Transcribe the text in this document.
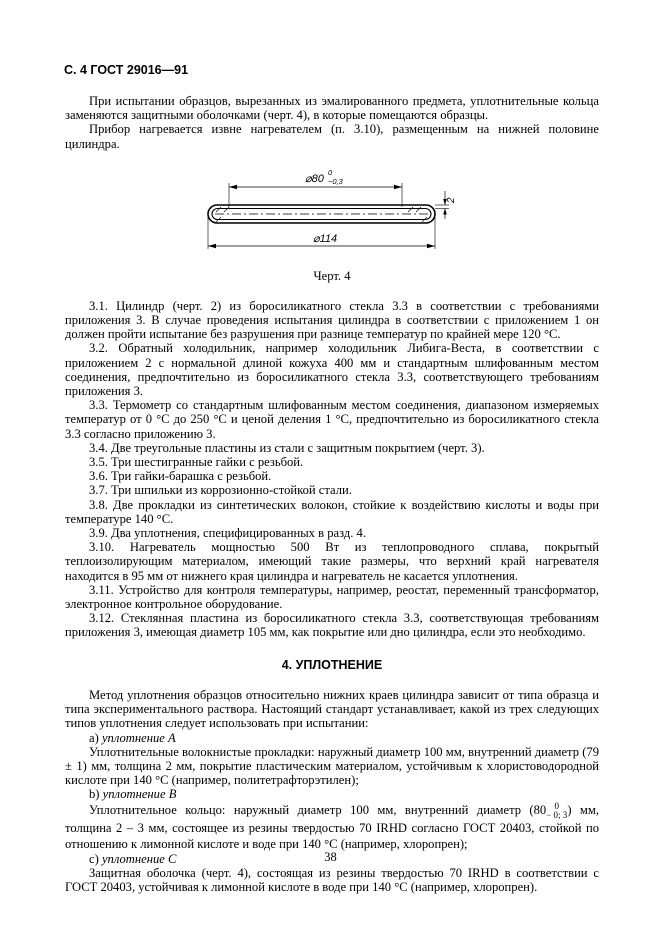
С. 4 ГОСТ 29016—91

При испытании образцов, вырезанных из эмалированного предмета, уплотнительные кольца заменяются защитными оболочками (черт. 4), в которые помещаются образцы.

Прибор нагревается извне нагревателем (п. 3.10), размещенным на нижней половине цилиндра.

⌀80
0
−0,3
⌀114
2
Черт. 4

3.1. Цилиндр (черт. 2) из боросиликатного стекла 3.3 в соответствии с требованиями приложения 3. В случае проведения испытания цилиндра в соответствии с приложением 1 он должен пройти испытание без разрушения при разнице температур по крайней мере 120 °С.

3.2. Обратный холодильник, например холодильник Либига-Веста, в соответствии с приложением 2 с нормальной длиной кожуха 400 мм и стандартным шлифованным местом соединения, предпочтительно из боросиликатного стекла 3.3, соответствующего требованиям приложения 3.

3.3. Термометр со стандартным шлифованным местом соединения, диапазоном измеряемых температур от 0 °С до 250 °С и ценой деления 1 °С, предпочтительно из боросиликатного стекла 3.3 согласно приложению 3.

3.4. Две треугольные пластины из стали с защитным покрытием (черт. 3).

3.5. Три шестигранные гайки с резьбой.

3.6. Три гайки-барашка с резьбой.

3.7. Три шпильки из коррозионно-стойкой стали.

3.8. Две прокладки из синтетических волокон, стойкие к воздействию кислоты и воды при температуре 140 °С.

3.9. Два уплотнения, специфицированных в разд. 4.

3.10. Нагреватель мощностью 500 Вт из теплопроводного сплава, покрытый теплоизолирующим материалом, имеющий такие размеры, что верхний край нагревателя находится в 95 мм от нижнего края цилиндра и нагреватель не касается уплотнения.

3.11. Устройство для контроля температуры, например, реостат, переменный трансформатор, электронное контрольное оборудование.

3.12. Стеклянная пластина из боросиликатного стекла 3.3, соответствующая требованиям приложения 3, имеющая диаметр 105 мм, как покрытие или дно цилиндра, если это необходимо.

4. УПЛОТНЕНИЕ

Метод уплотнения образцов относительно нижних краев цилиндра зависит от типа образца и типа экспериментального раствора. Настоящий стандарт устанавливает, какой из трех следующих типов уплотнения следует использовать при испытании:

а) уплотнение А

Уплотнительные волокнистые прокладки: наружный диаметр 100 мм, внутренний диаметр (79 ± 1) мм, толщина 2 мм, покрытие пластическим материалом, устойчивым к хлористоводородной кислоте при 140 °С (например, политетрафторэтилен);

b) уплотнение В

Уплотнительное кольцо: наружный диаметр 100 мм, внутренний диаметр (80 0
− 0; 3 ) мм, толщина 2 – 3 мм, состоящее из резины твердостью 70 IRHD согласно ГОСТ 20403, стойкой по отношению к лимонной кислоте и воде при 140 °С (например, хлоропрен);

с) уплотнение С

Защитная оболочка (черт. 4), состоящая из резины твердостью 70 IRHD в соответствии с ГОСТ 20403, устойчивая к лимонной кислоте в воде при 140 °С (например, хлоропрен).

38
